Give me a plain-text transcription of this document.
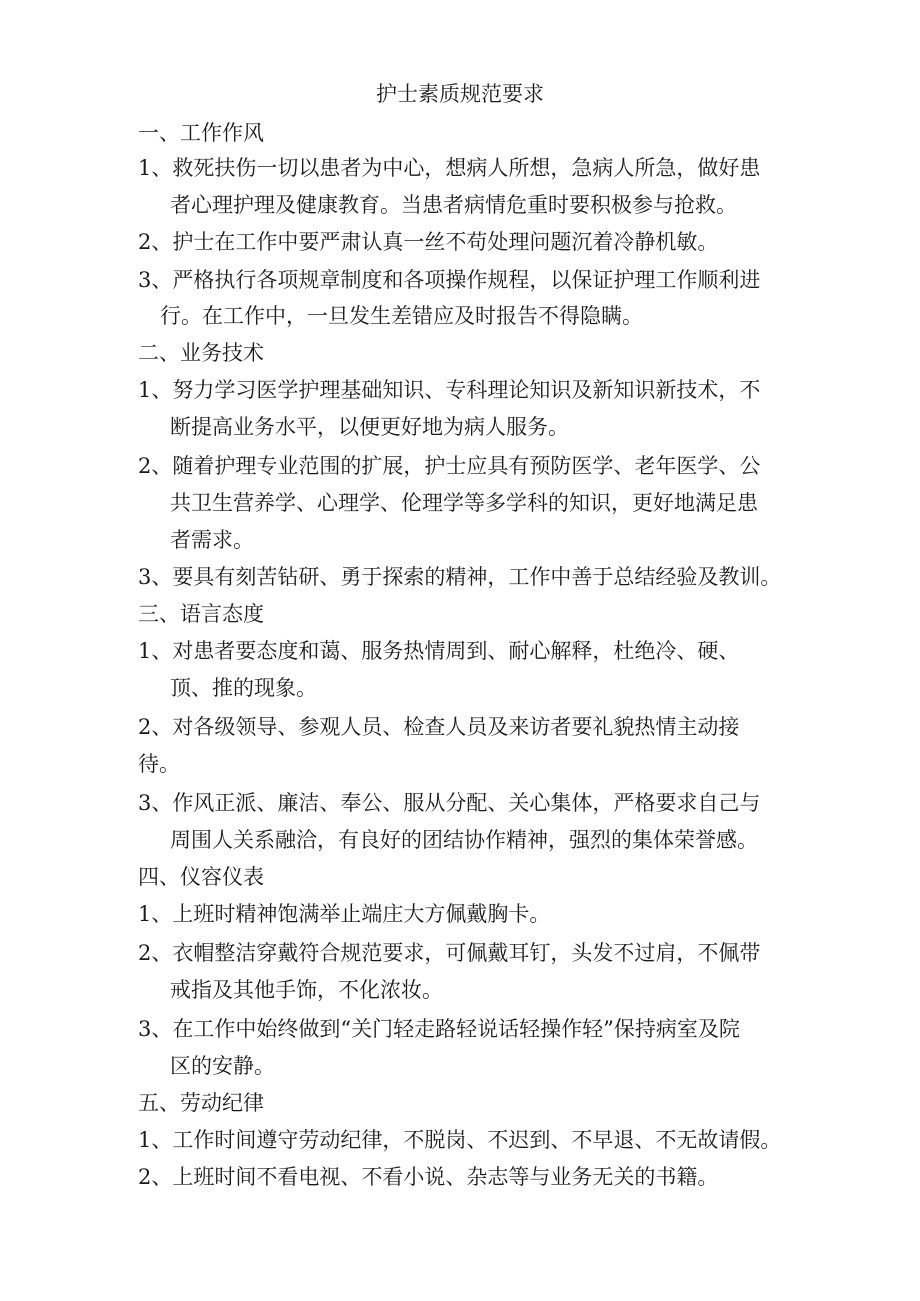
护士素质规范要求
一、工作作风
1、救死扶伤一切以患者为中心，想病人所想，急病人所急，做好患
者心理护理及健康教育。当患者病情危重时要积极参与抢救。
2、护士在工作中要严肃认真一丝不苟处理问题沉着冷静机敏。
3、严格执行各项规章制度和各项操作规程，以保证护理工作顺利进
行。在工作中，一旦发生差错应及时报告不得隐瞒。
二、业务技术
1、努力学习医学护理基础知识、专科理论知识及新知识新技术，不
断提高业务水平，以便更好地为病人服务。
2、随着护理专业范围的扩展，护士应具有预防医学、老年医学、公
共卫生营养学、心理学、伦理学等多学科的知识，更好地满足患
者需求。
3、要具有刻苦钻研、勇于探索的精神，工作中善于总结经验及教训。
三、语言态度
1、对患者要态度和蔼、服务热情周到、耐心解释，杜绝冷、硬、
顶、推的现象。
2、对各级领导、参观人员、检查人员及来访者要礼貌热情主动接
待。
3、作风正派、廉洁、奉公、服从分配、关心集体，严格要求自己与
周围人关系融洽，有良好的团结协作精神，强烈的集体荣誉感。
四、仪容仪表
1、上班时精神饱满举止端庄大方佩戴胸卡。
2、衣帽整洁穿戴符合规范要求，可佩戴耳钉，头发不过肩，不佩带
戒指及其他手饰，不化浓妆。
3、在工作中始终做到“关门轻走路轻说话轻操作轻”保持病室及院
区的安静。
五、劳动纪律
1、工作时间遵守劳动纪律，不脱岗、不迟到、不早退、不无故请假。
2、上班时间不看电视、不看小说、杂志等与业务无关的书籍。
